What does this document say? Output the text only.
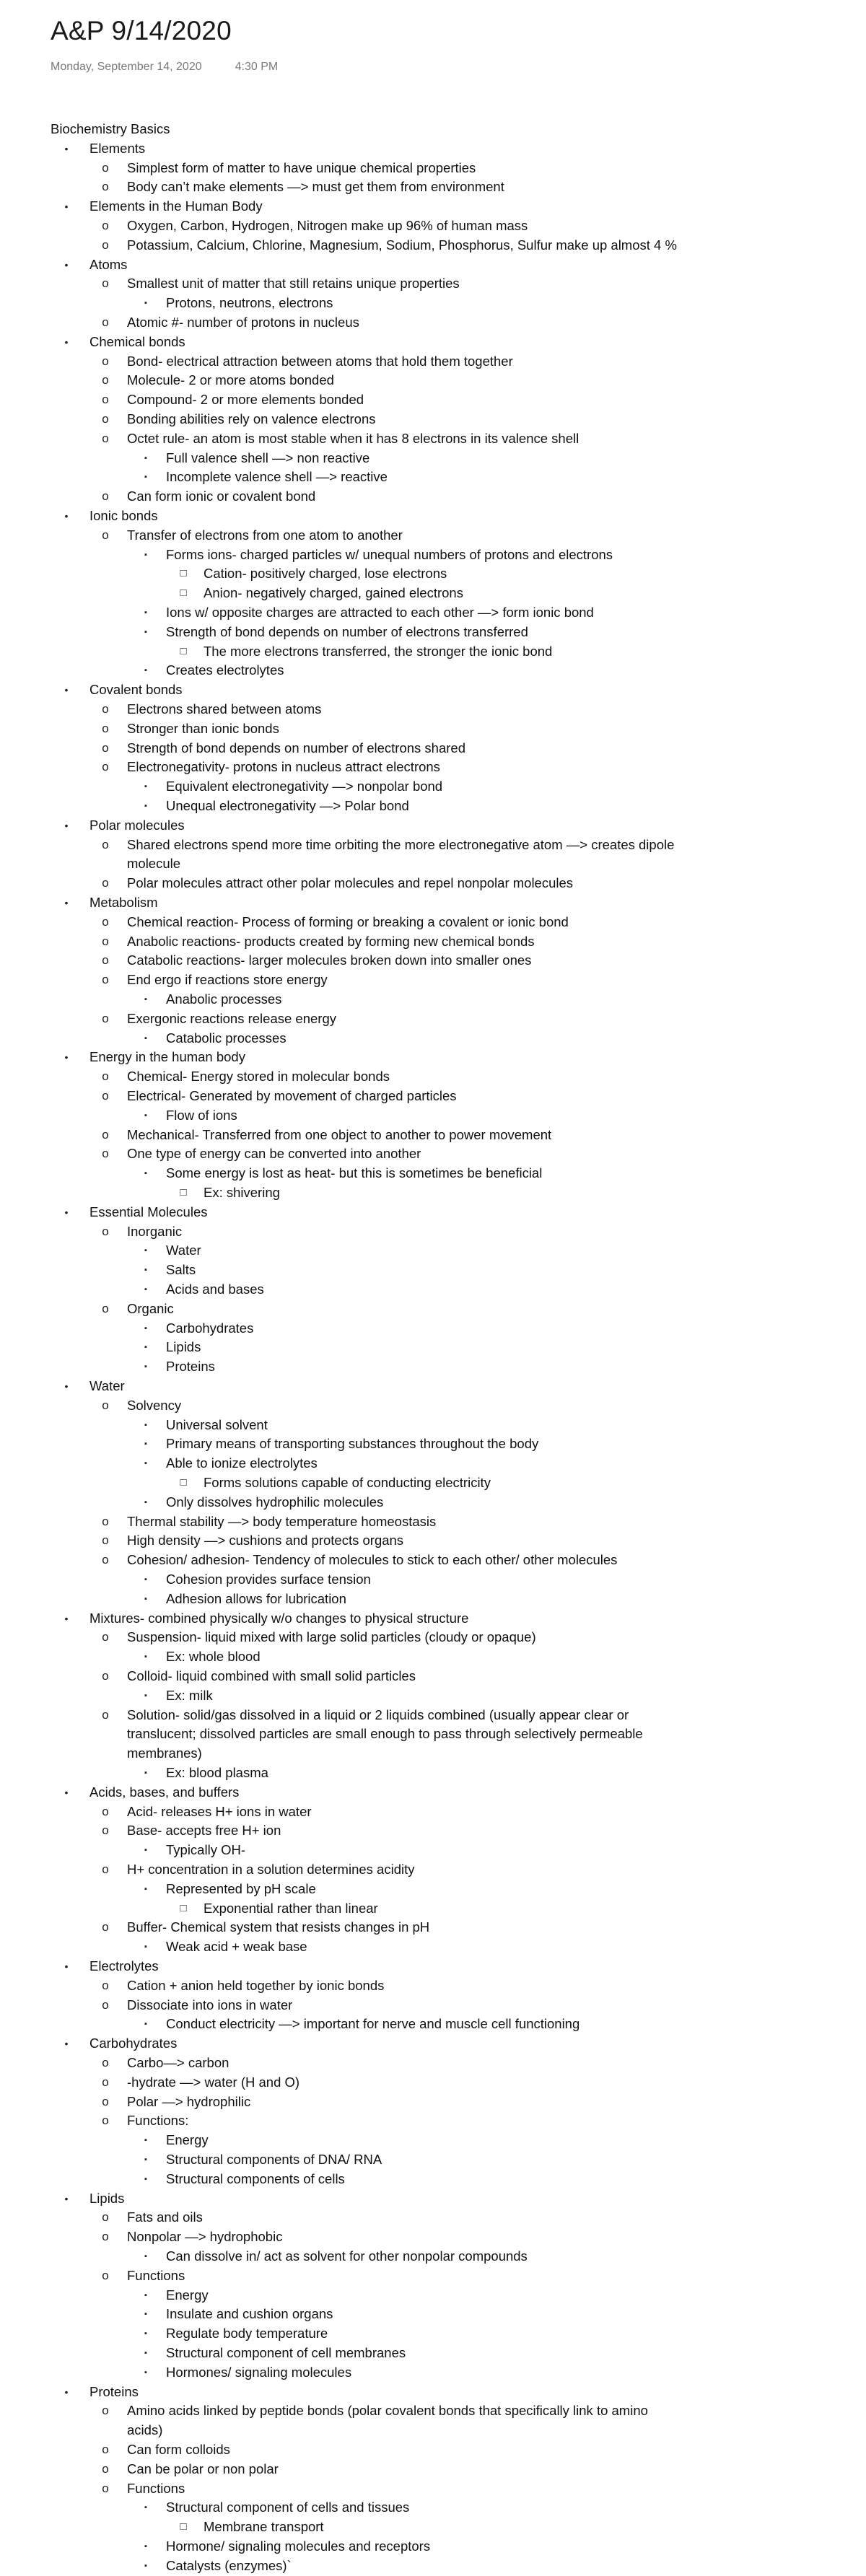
A&P 9/14/2020
Monday, September 14, 2020	4:30 PM
Biochemistry Basics
• Elements
o Simplest form of matter to have unique chemical properties
o Body can’t make elements —> must get them from environment
• Elements in the Human Body
o Oxygen, Carbon, Hydrogen, Nitrogen make up 96% of human mass
o Potassium, Calcium, Chlorine, Magnesium, Sodium, Phosphorus, Sulfur make up almost 4 %
• Atoms
o Smallest unit of matter that still retains unique properties
▪	Protons, neutrons, electrons
o Atomic #- number of protons in nucleus
• Chemical bonds
o Bond- electrical attraction between atoms that hold them together
o Molecule- 2 or more atoms bonded
o Compound- 2 or more elements bonded
o Bonding abilities rely on valence electrons
o Octet rule- an atom is most stable when it has 8 electrons in its valence shell
▪	Full valence shell —> non reactive
▪	Incomplete valence shell —> reactive
o Can form ionic or covalent bond
• Ionic bonds
o Transfer of electrons from one atom to another
▪	Forms ions- charged particles w/ unequal numbers of protons and electrons
□ Cation- positively charged, lose electrons
□ Anion- negatively charged, gained electrons
▪	Ions w/ opposite charges are attracted to each other —> form ionic bond
▪	Strength of bond depends on number of electrons transferred
□ The more electrons transferred, the stronger the ionic bond
▪	Creates electrolytes
• Covalent bonds
o Electrons shared between atoms
o Stronger than ionic bonds
o Strength of bond depends on number of electrons shared
o Electronegativity- protons in nucleus attract electrons
▪	Equivalent electronegativity —> nonpolar bond
▪	Unequal electronegativity —> Polar bond
• Polar molecules
o Shared electrons spend more time orbiting the more electronegative atom —> creates dipole
molecule
o Polar molecules attract other polar molecules and repel nonpolar molecules
• Metabolism
o Chemical reaction- Process of forming or breaking a covalent or ionic bond
o Anabolic reactions- products created by forming new chemical bonds
o Catabolic reactions- larger molecules broken down into smaller ones
o End ergo if reactions store energy
▪	Anabolic processes
o Exergonic reactions release energy
▪	Catabolic processes
• Energy in the human body
o Chemical- Energy stored in molecular bonds
o Electrical- Generated by movement of charged particles
▪	Flow of ions
o Mechanical- Transferred from one object to another to power movement
o One type of energy can be converted into another
▪	Some energy is lost as heat- but this is sometimes be beneficial
□ Ex: shivering
• Essential Molecules
o Inorganic
▪	Water
▪	Salts
▪	Acids and bases
o Organic
▪	Carbohydrates
▪	Lipids
▪	Proteins
• Water
o Solvency
▪	Universal solvent
▪	Primary means of transporting substances throughout the body
▪	Able to ionize electrolytes
□ Forms solutions capable of conducting electricity
▪	Only dissolves hydrophilic molecules
o Thermal stability —> body temperature homeostasis
o High density —> cushions and protects organs
o Cohesion/ adhesion- Tendency of molecules to stick to each other/ other molecules
▪	Cohesion provides surface tension
▪	Adhesion allows for lubrication
• Mixtures- combined physically w/o changes to physical structure
o Suspension- liquid mixed with large solid particles (cloudy or opaque)
▪	Ex: whole blood
o Colloid- liquid combined with small solid particles
▪	Ex: milk
o Solution- solid/gas dissolved in a liquid or 2 liquids combined (usually appear clear or
translucent; dissolved particles are small enough to pass through selectively permeable
membranes)
▪	Ex: blood plasma
• Acids, bases, and buffers
o Acid- releases H+ ions in water
o Base- accepts free H+ ion
▪	Typically OH-
o H+ concentration in a solution determines acidity
▪	Represented by pH scale
□ Exponential rather than linear
o Buffer- Chemical system that resists changes in pH
▪	Weak acid + weak base
• Electrolytes
o Cation + anion held together by ionic bonds
o Dissociate into ions in water
▪	Conduct electricity —> important for nerve and muscle cell functioning
• Carbohydrates
o Carbo—> carbon
o -hydrate —> water (H and O)
o Polar —> hydrophilic
o Functions:
▪	Energy
▪	Structural components of DNA/ RNA
▪	Structural components of cells
• Lipids
o Fats and oils
o Nonpolar —> hydrophobic
▪	Can dissolve in/ act as solvent for other nonpolar compounds
o Functions
▪	Energy
▪	Insulate and cushion organs
▪	Regulate body temperature
▪	Structural component of cell membranes
▪	Hormones/ signaling molecules
• Proteins
o Amino acids linked by peptide bonds (polar covalent bonds that specifically link to amino
acids)
o Can form colloids
o Can be polar or non polar
o Functions
▪	Structural component of cells and tissues
□ Membrane transport
▪	Hormone/ signaling molecules and receptors
▪	Catalysts (enzymes)`
